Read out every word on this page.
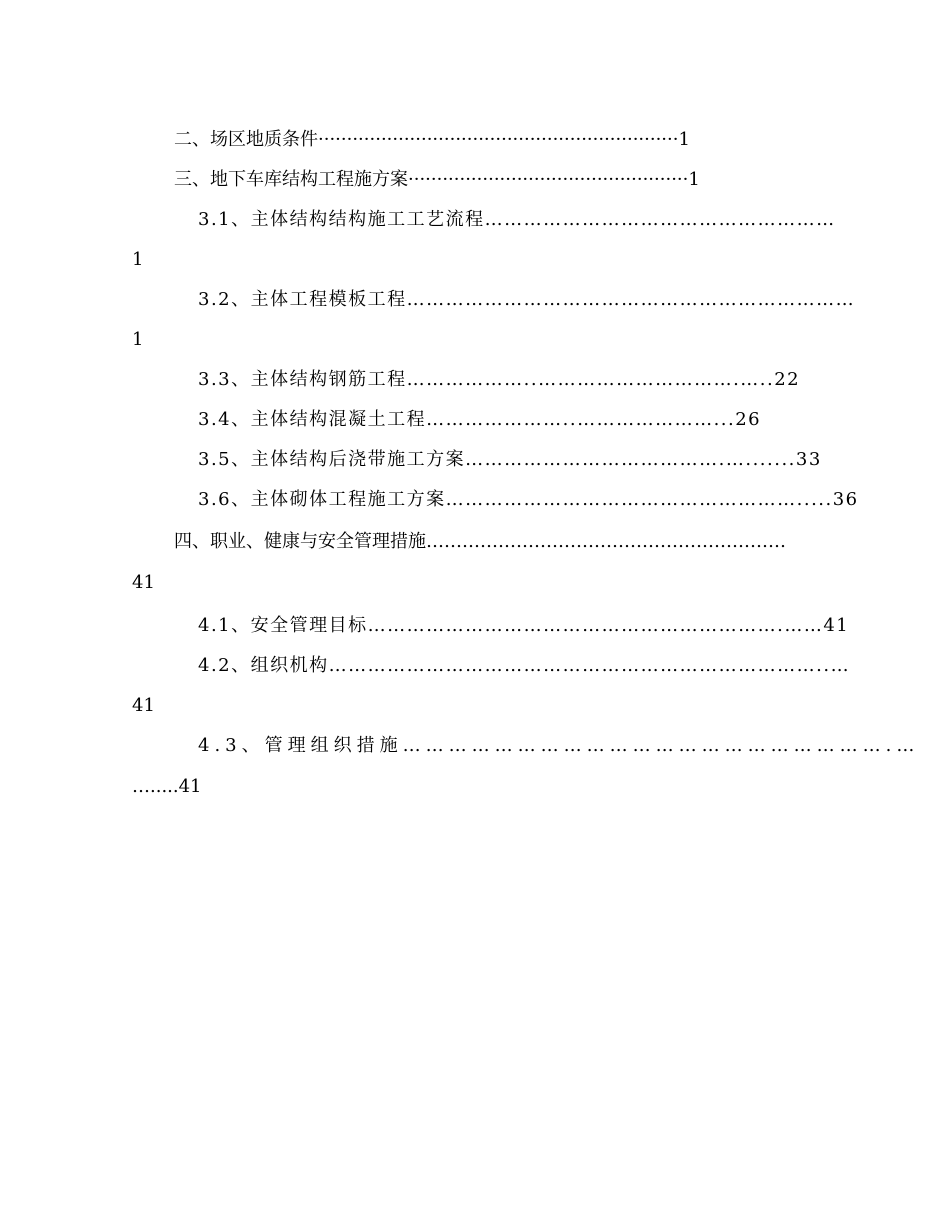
二、场区地质条件·······························································1
三、地下车库结构工程施方案·················································1
3.1、主体结构结构施工工艺流程………………………………………………
1
3.2、主体工程模板工程……………………………………………………………
1
3.3、主体结构钢筋工程………………..………………………….…..22
3.4、主体结构混凝土工程…………………..…………………...26
3.5、主体结构后浇带施工方案………………………………….….......33
3.6、主体砌体工程施工方案……………………………………………….....36
四、职业、健康与安全管理措施……………………………………………………
41
4.1、安全管理目标……………………………………………………….……41
4.2、组织机构…………………………………………………………………..…
41
4.3、管理组织措施……………………………………………………….…
….....41
